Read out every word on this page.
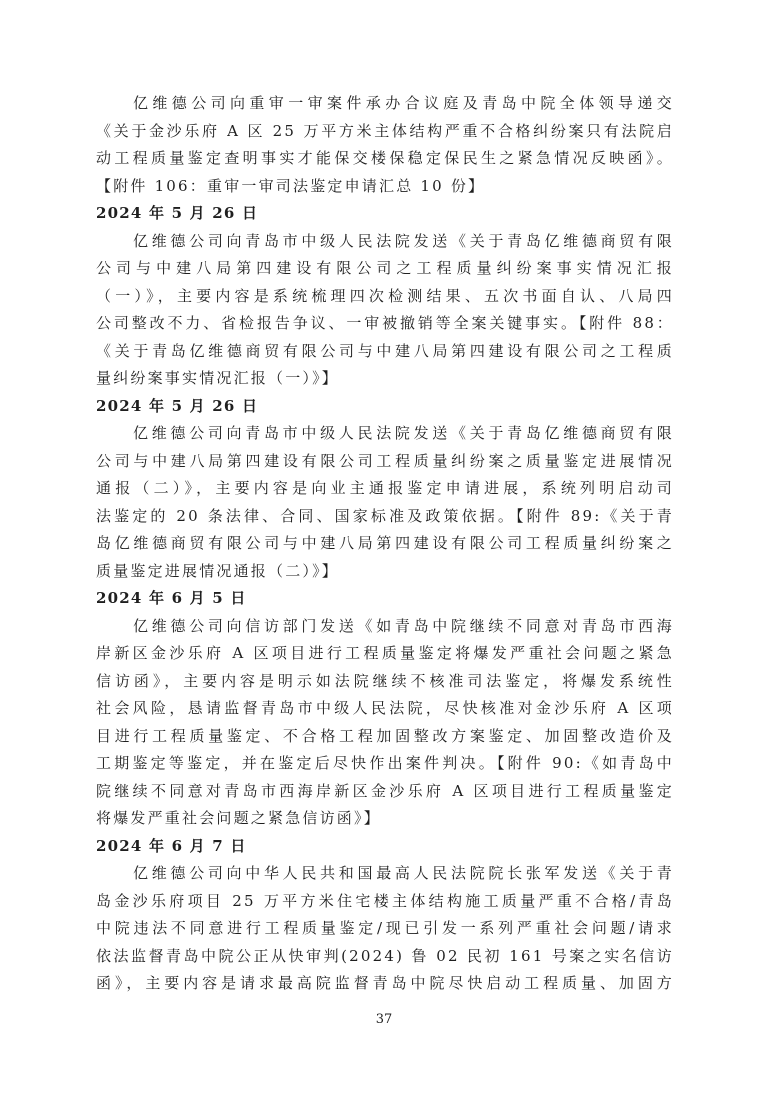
亿维德公司向重审一审案件承办合议庭及青岛中院全体领导递交
《关于金沙乐府 A 区 25 万平方米主体结构严重不合格纠纷案只有法院启
动工程质量鉴定查明事实才能保交楼保稳定保民生之紧急情况反映函》。
【附件 106：重审一审司法鉴定申请汇总 10 份】
2024 年 5 月 26 日
亿维德公司向青岛市中级人民法院发送《关于青岛亿维德商贸有限
公司与中建八局第四建设有限公司之工程质量纠纷案事实情况汇报
（一）》，主要内容是系统梳理四次检测结果、五次书面自认、八局四
公司整改不力、省检报告争议、一审被撤销等全案关键事实。【附件 88：
《关于青岛亿维德商贸有限公司与中建八局第四建设有限公司之工程质
量纠纷案事实情况汇报（一）》】
2024 年 5 月 26 日
亿维德公司向青岛市中级人民法院发送《关于青岛亿维德商贸有限
公司与中建八局第四建设有限公司工程质量纠纷案之质量鉴定进展情况
通报（二）》，主要内容是向业主通报鉴定申请进展，系统列明启动司
法鉴定的 20 条法律、合同、国家标准及政策依据。【附件 89:《关于青
岛亿维德商贸有限公司与中建八局第四建设有限公司工程质量纠纷案之
质量鉴定进展情况通报（二）》】
2024 年 6 月 5 日
亿维德公司向信访部门发送《如青岛中院继续不同意对青岛市西海
岸新区金沙乐府 A 区项目进行工程质量鉴定将爆发严重社会问题之紧急
信访函》，主要内容是明示如法院继续不核准司法鉴定，将爆发系统性
社会风险，恳请监督青岛市中级人民法院，尽快核准对金沙乐府 A 区项
目进行工程质量鉴定、不合格工程加固整改方案鉴定、加固整改造价及
工期鉴定等鉴定，并在鉴定后尽快作出案件判决。【附件 90:《如青岛中
院继续不同意对青岛市西海岸新区金沙乐府 A 区项目进行工程质量鉴定
将爆发严重社会问题之紧急信访函》】
2024 年 6 月 7 日
亿维德公司向中华人民共和国最高人民法院院长张军发送《关于青
岛金沙乐府项目 25 万平方米住宅楼主体结构施工质量严重不合格/青岛
中院违法不同意进行工程质量鉴定/现已引发一系列严重社会问题/请求
依法监督青岛中院公正从快审判(2024) 鲁 02 民初 161 号案之实名信访
函》，主要内容是请求最高院监督青岛中院尽快启动工程质量、加固方
37
